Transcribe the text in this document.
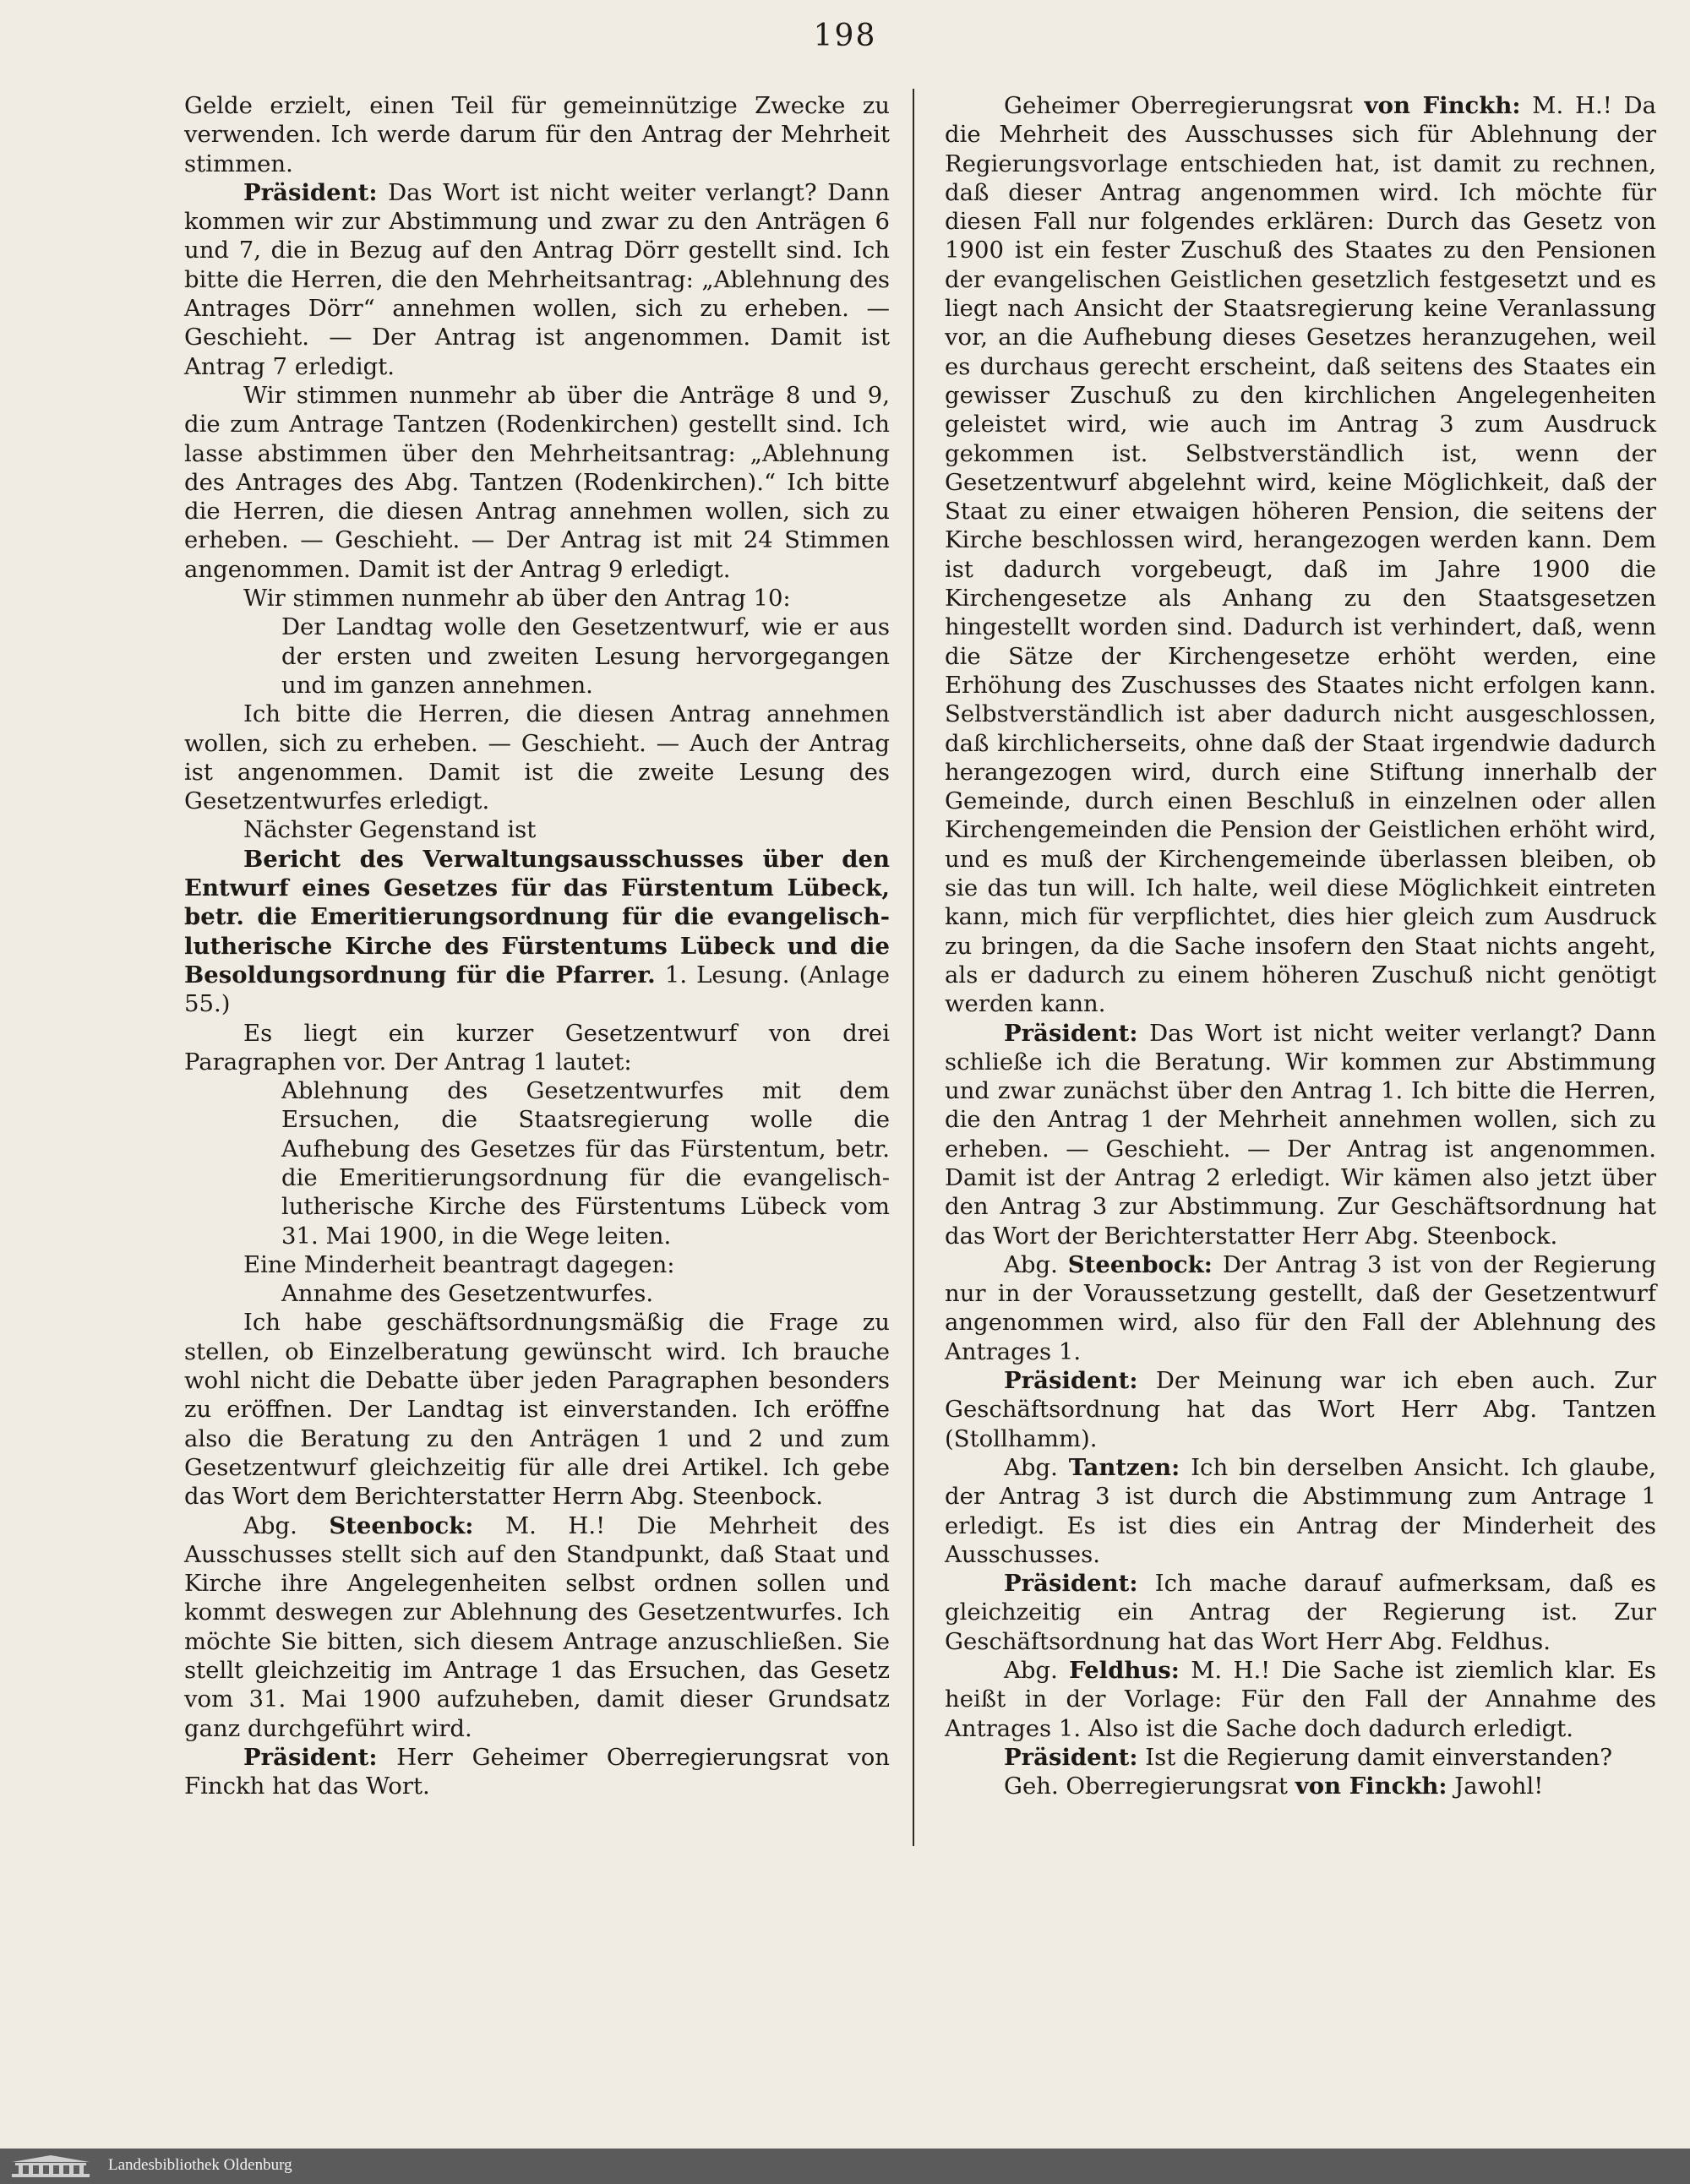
198

Gelde erzielt, einen Teil für gemeinnützige Zwecke zu verwenden. Ich werde darum für den Antrag der Mehrheit stimmen.

Präsident: Das Wort ist nicht weiter verlangt? Dann kommen wir zur Abstimmung und zwar zu den Anträgen 6 und 7, die in Bezug auf den Antrag Dörr gestellt sind. Ich bitte die Herren, die den Mehrheitsantrag: „Ablehnung des Antrages Dörr“ annehmen wollen, sich zu erheben. — Geschieht. — Der Antrag ist angenommen. Damit ist Antrag 7 erledigt.

Wir stimmen nunmehr ab über die Anträge 8 und 9, die zum Antrage Tantzen (Rodenkirchen) gestellt sind. Ich lasse abstimmen über den Mehrheitsantrag: „Ablehnung des Antrages des Abg. Tantzen (Rodenkirchen).“ Ich bitte die Herren, die diesen Antrag annehmen wollen, sich zu erheben. — Geschieht. — Der Antrag ist mit 24 Stimmen angenommen. Damit ist der Antrag 9 erledigt.

Wir stimmen nunmehr ab über den Antrag 10:

Der Landtag wolle den Gesetzentwurf, wie er aus der ersten und zweiten Lesung hervorgegangen und im ganzen annehmen.

Ich bitte die Herren, die diesen Antrag annehmen wollen, sich zu erheben. — Geschieht. — Auch der Antrag ist angenommen. Damit ist die zweite Lesung des Gesetzentwurfes erledigt.

Nächster Gegenstand ist

Bericht des Verwaltungsausschusses über den Entwurf eines Gesetzes für das Fürstentum Lübeck, betr. die Emeritierungsordnung für die evangelisch-lutherische Kirche des Fürstentums Lübeck und die Besoldungsordnung für die Pfarrer. 1. Lesung. (Anlage 55.)

Es liegt ein kurzer Gesetzentwurf von drei Paragraphen vor. Der Antrag 1 lautet:

Ablehnung des Gesetzentwurfes mit dem Ersuchen, die Staatsregierung wolle die Aufhebung des Gesetzes für das Fürstentum, betr. die Emeritierungsordnung für die evangelisch-lutherische Kirche des Fürstentums Lübeck vom 31. Mai 1900, in die Wege leiten.

Eine Minderheit beantragt dagegen:

Annahme des Gesetzentwurfes.

Ich habe geschäftsordnungsmäßig die Frage zu stellen, ob Einzelberatung gewünscht wird. Ich brauche wohl nicht die Debatte über jeden Paragraphen besonders zu eröffnen. Der Landtag ist einverstanden. Ich eröffne also die Beratung zu den Anträgen 1 und 2 und zum Gesetzentwurf gleichzeitig für alle drei Artikel. Ich gebe das Wort dem Berichterstatter Herrn Abg. Steenbock.

Abg. Steenbock: M. H.! Die Mehrheit des Ausschusses stellt sich auf den Standpunkt, daß Staat und Kirche ihre Angelegenheiten selbst ordnen sollen und kommt deswegen zur Ablehnung des Gesetzentwurfes. Ich möchte Sie bitten, sich diesem Antrage anzuschließen. Sie stellt gleichzeitig im Antrage 1 das Ersuchen, das Gesetz vom 31. Mai 1900 aufzuheben, damit dieser Grundsatz ganz durchgeführt wird.

Präsident: Herr Geheimer Oberregierungsrat von Finckh hat das Wort.

Geheimer Oberregierungsrat von Finckh: M. H.! Da die Mehrheit des Ausschusses sich für Ablehnung der Regierungsvorlage entschieden hat, ist damit zu rechnen, daß dieser Antrag angenommen wird. Ich möchte für diesen Fall nur folgendes erklären: Durch das Gesetz von 1900 ist ein fester Zuschuß des Staates zu den Pensionen der evangelischen Geistlichen gesetzlich festgesetzt und es liegt nach Ansicht der Staatsregierung keine Veranlassung vor, an die Aufhebung dieses Gesetzes heranzugehen, weil es durchaus gerecht erscheint, daß seitens des Staates ein gewisser Zuschuß zu den kirchlichen Angelegenheiten geleistet wird, wie auch im Antrag 3 zum Ausdruck gekommen ist. Selbstverständlich ist, wenn der Gesetzentwurf abgelehnt wird, keine Möglichkeit, daß der Staat zu einer etwaigen höheren Pension, die seitens der Kirche beschlossen wird, herangezogen werden kann. Dem ist dadurch vorgebeugt, daß im Jahre 1900 die Kirchengesetze als Anhang zu den Staatsgesetzen hingestellt worden sind. Dadurch ist verhindert, daß, wenn die Sätze der Kirchengesetze erhöht werden, eine Erhöhung des Zuschusses des Staates nicht erfolgen kann. Selbstverständlich ist aber dadurch nicht ausgeschlossen, daß kirchlicherseits, ohne daß der Staat irgendwie dadurch herangezogen wird, durch eine Stiftung innerhalb der Gemeinde, durch einen Beschluß in einzelnen oder allen Kirchengemeinden die Pension der Geistlichen erhöht wird, und es muß der Kirchengemeinde überlassen bleiben, ob sie das tun will. Ich halte, weil diese Möglichkeit eintreten kann, mich für verpflichtet, dies hier gleich zum Ausdruck zu bringen, da die Sache insofern den Staat nichts angeht, als er dadurch zu einem höheren Zuschuß nicht genötigt werden kann.

Präsident: Das Wort ist nicht weiter verlangt? Dann schließe ich die Beratung. Wir kommen zur Abstimmung und zwar zunächst über den Antrag 1. Ich bitte die Herren, die den Antrag 1 der Mehrheit annehmen wollen, sich zu erheben. — Geschieht. — Der Antrag ist angenommen. Damit ist der Antrag 2 erledigt. Wir kämen also jetzt über den Antrag 3 zur Abstimmung. Zur Geschäftsordnung hat das Wort der Berichterstatter Herr Abg. Steenbock.

Abg. Steenbock: Der Antrag 3 ist von der Regierung nur in der Voraussetzung gestellt, daß der Gesetzentwurf angenommen wird, also für den Fall der Ablehnung des Antrages 1.

Präsident: Der Meinung war ich eben auch. Zur Geschäftsordnung hat das Wort Herr Abg. Tantzen (Stollhamm).

Abg. Tantzen: Ich bin derselben Ansicht. Ich glaube, der Antrag 3 ist durch die Abstimmung zum Antrage 1 erledigt. Es ist dies ein Antrag der Minderheit des Ausschusses.

Präsident: Ich mache darauf aufmerksam, daß es gleichzeitig ein Antrag der Regierung ist. Zur Geschäftsordnung hat das Wort Herr Abg. Feldhus.

Abg. Feldhus: M. H.! Die Sache ist ziemlich klar. Es heißt in der Vorlage: Für den Fall der Annahme des Antrages 1. Also ist die Sache doch dadurch erledigt.

Präsident: Ist die Regierung damit einverstanden?

Geh. Oberregierungsrat von Finckh: Jawohl!

Landesbibliothek Oldenburg
